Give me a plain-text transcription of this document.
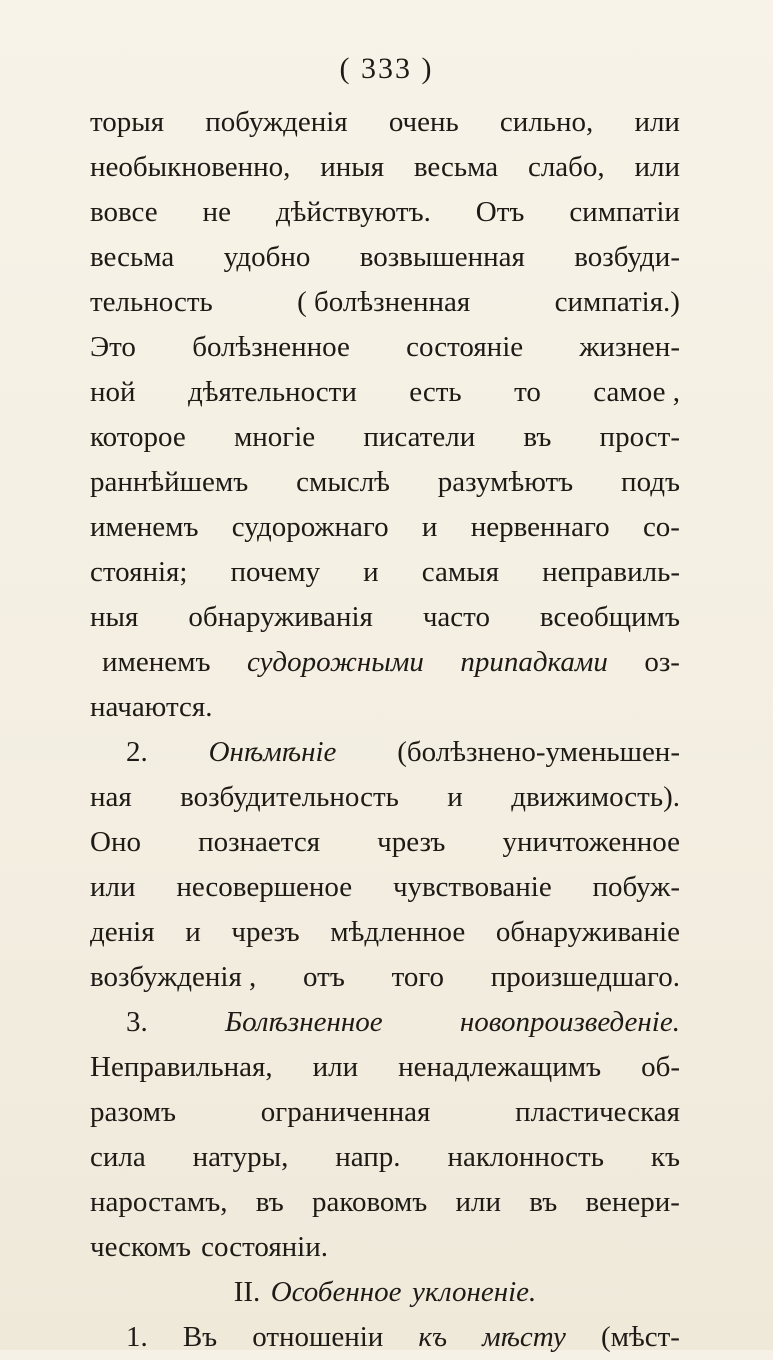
( 333 )
торыя побужденія очень сильно, или
необыкновенно, иныя весьма слабо, или
вовсе не дѣйствуютъ. Отъ симпатіи
весьма удобно возвышенная возбуди-
тельность	( болѣзненная	симпатія.)
Это болѣзненное состояніе жизнен-
ной дѣятельности есть то самое ,
которое многіе писатели въ прост-
раннѣйшемъ смыслѣ разумѣютъ подъ
именемъ судорожнаго и нервеннаго со-
стоянія; почему и самыя неправиль-
ныя обнаруживанія часто всеобщимъ
именемъ судорожными припадками оз-
начаются.
2. Онѣмѣніе (болѣзнено-уменьшен-
ная возбудительность и движимость).
Оно познается чрезъ уничтоженное
или несовершеное чувствованіе побуж-
денія и чрезъ мѣдленное обнаруживаніе
возбужденія , отъ того произшедшаго.
3.	Болѣзненное	новопроизведеніе.
Неправильная, или ненадлежащимъ об-
разомъ	ограниченная	пластическая
сила натуры, напр. наклонность къ
наростамъ, въ раковомъ или въ венери-
ческомъ состояніи.
II. Особенное уклоненіе.
1. Въ отношеніи къ мѣсту (мѣст-
